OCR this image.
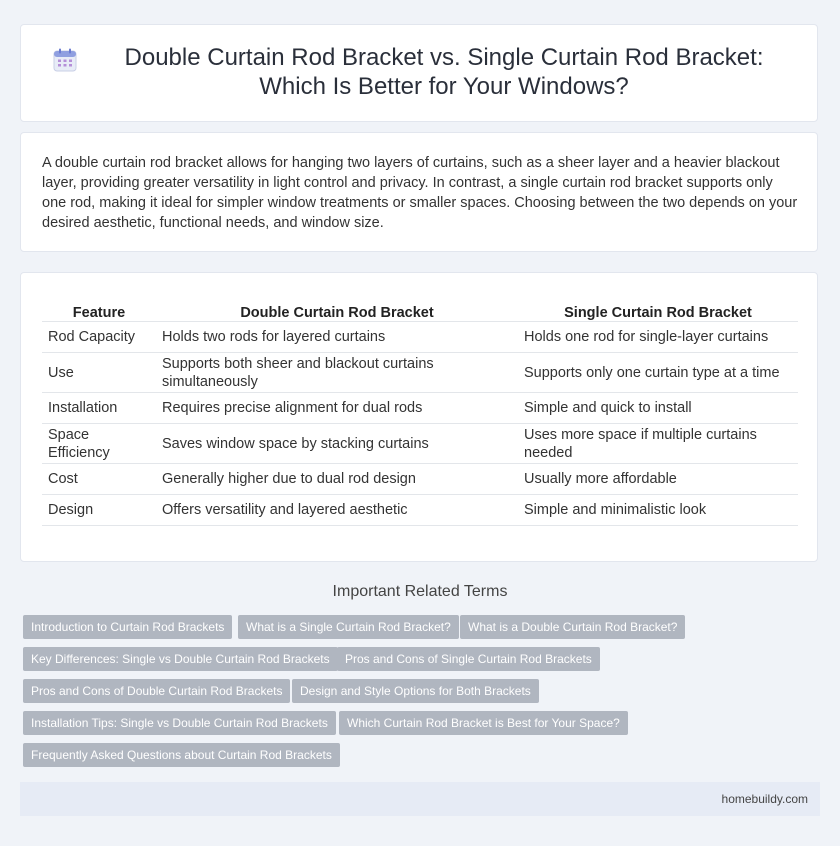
Double Curtain Rod Bracket vs. Single Curtain Rod Bracket: Which Is Better for Your Windows?

A double curtain rod bracket allows for hanging two layers of curtains, such as a sheer layer and a heavier blackout layer, providing greater versatility in light control and privacy. In contrast, a single curtain rod bracket supports only one rod, making it ideal for simpler window treatments or smaller spaces. Choosing between the two depends on your desired aesthetic, functional needs, and window size.

Feature	Double Curtain Rod Bracket	Single Curtain Rod Bracket
Rod Capacity	Holds two rods for layered curtains	Holds one rod for single-layer curtains
Use	Supports both sheer and blackout curtains simultaneously	Supports only one curtain type at a time
Installation	Requires precise alignment for dual rods	Simple and quick to install
Space Efficiency	Saves window space by stacking curtains	Uses more space if multiple curtains needed
Cost	Generally higher due to dual rod design	Usually more affordable
Design	Offers versatility and layered aesthetic	Simple and minimalistic look
Important Related Terms
Introduction to Curtain Rod Brackets	What is a Single Curtain Rod Bracket?	What is a Double Curtain Rod Bracket?
Key Differences: Single vs Double Curtain Rod Brackets	Pros and Cons of Single Curtain Rod Brackets
Pros and Cons of Double Curtain Rod Brackets	Design and Style Options for Both Brackets
Installation Tips: Single vs Double Curtain Rod Brackets	Which Curtain Rod Bracket is Best for Your Space?
Frequently Asked Questions about Curtain Rod Brackets
homebuildy.com
